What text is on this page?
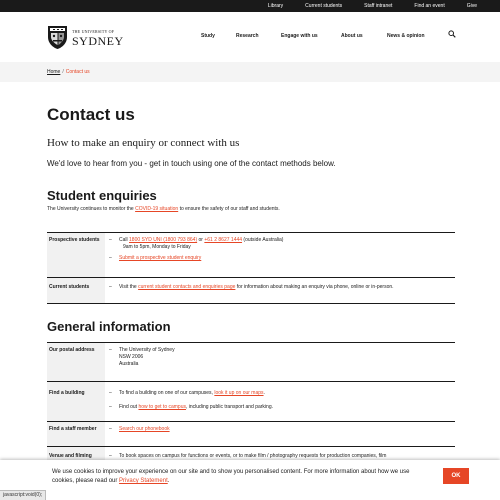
Library	Current students	Staff intranet	Find an event	Give
THE UNIVERSITY OF
SYDNEY	Study	Research	Engage with us	About us	News & opinion
Home / Contact us
Contact us
How to make an enquiry or connect with us
We'd love to hear from you - get in touch using one of the contact methods below.
Student enquiries
The University continues to monitor the COVID-19 situation to ensure the safety of our staff and students.
Prospective students	– Call 1800 SYD UNI (1800 793 864) or +61 2 8627 1444 (outside Australia)
9am to 5pm, Monday to Friday
– Submit a prospective student enquiry
Current students	– Visit the current student contacts and enquiries page for information about making an enquiry via phone, online or in-person.
General information
Our postal address	– The University of Sydney
NSW 2006
Australia
Find a building	– To find a building on one of our campuses, look it up on our maps.
– Find out how to get to campus, including public transport and parking.
Find a staff member	– Search our phonebook
Venue and filming	– To book spaces on campus for functions or events, or to make film / photography requests for production companies, film
We use cookies to improve your experience on our site and to show you personalised content. For more information about how we use cookies, please read our Privacy Statement.
OK
javascript:void(0);
